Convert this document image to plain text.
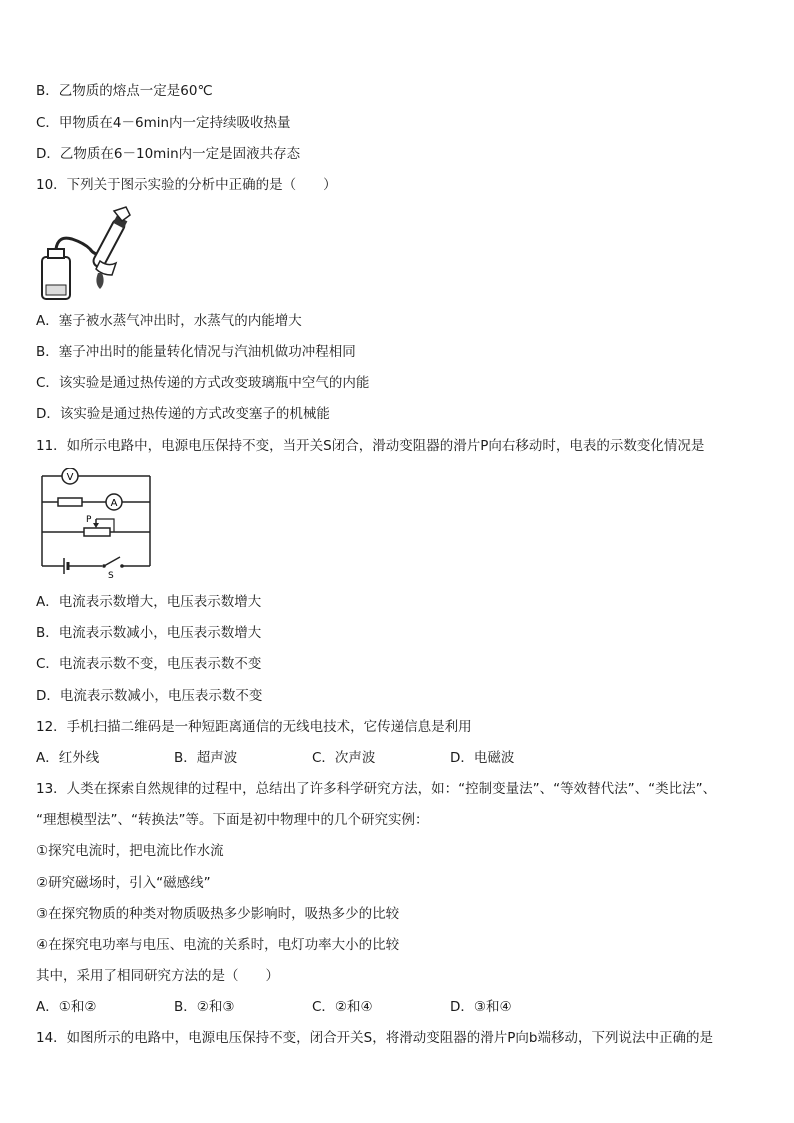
B．乙物质的熔点一定是60℃
C．甲物质在4－6min内一定持续吸收热量
D．乙物质在6－10min内一定是固液共存态
10．下列关于图示实验的分析中正确的是（　　）
A．塞子被水蒸气冲出时，水蒸气的内能增大
B．塞子冲出时的能量转化情况与汽油机做功冲程相同
C．该实验是通过热传递的方式改变玻璃瓶中空气的内能
D．该实验是通过热传递的方式改变塞子的机械能
11．如所示电路中，电源电压保持不变，当开关S闭合，滑动变阻器的滑片P向右移动时，电表的示数变化情况是
V
A
P
S
A．电流表示数增大，电压表示数增大
B．电流表示数减小，电压表示数增大
C．电流表示数不变，电压表示数不变
D．电流表示数减小，电压表示数不变
12．手机扫描二维码是一种短距离通信的无线电技术，它传递信息是利用
A．红外线	B．超声波	C．次声波	D．电磁波
13．人类在探索自然规律的过程中，总结出了许多科学研究方法，如：“控制变量法”、“等效替代法”、“类比法”、
“理想模型法”、“转换法”等。下面是初中物理中的几个研究实例：
①探究电流时，把电流比作水流
②研究磁场时，引入“磁感线”
③在探究物质的种类对物质吸热多少影响时，吸热多少的比较
④在探究电功率与电压、电流的关系时，电灯功率大小的比较
其中，采用了相同研究方法的是（　　）
A．①和②	B．②和③	C．②和④	D．③和④
14．如图所示的电路中，电源电压保持不变，闭合开关S，将滑动变阻器的滑片P向b端移动，下列说法中正确的是
